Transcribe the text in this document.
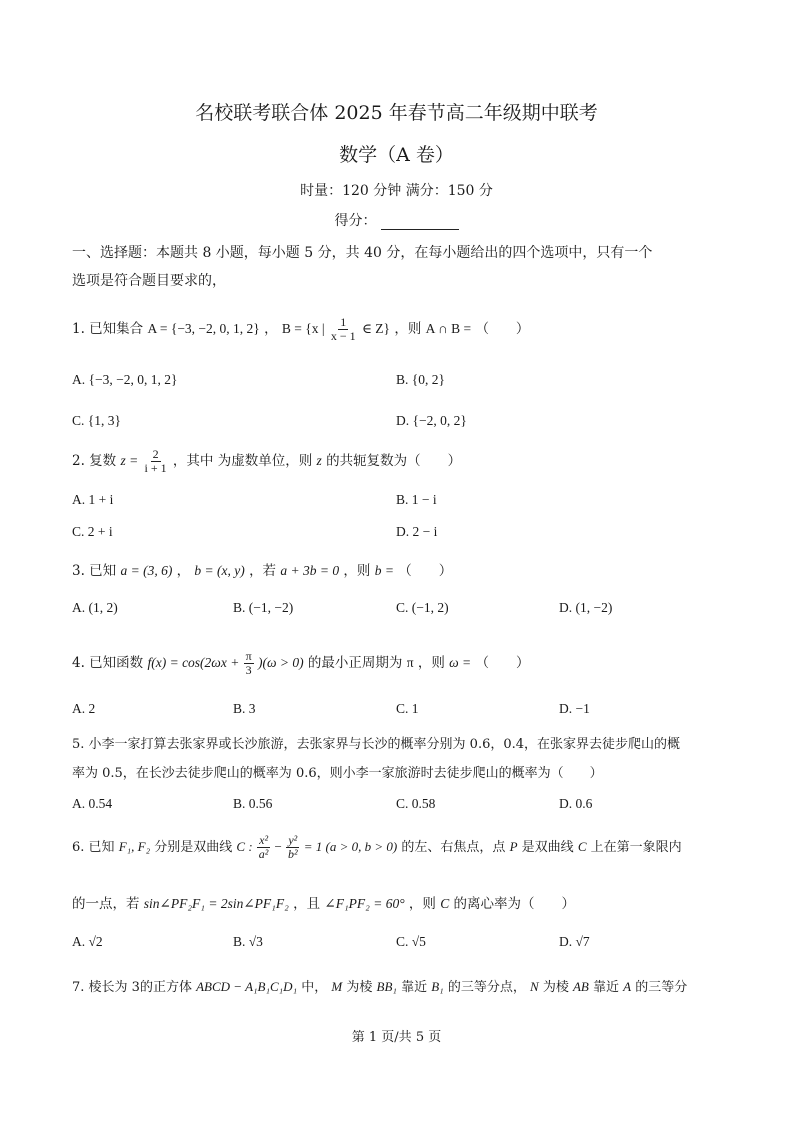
名校联考联合体 2025 年春节高二年级期中联考
数学（A 卷）
时量：120 分钟 满分：150 分
得分：
一、选择题：本题共 8 小题，每小题 5 分，共 40 分，在每小题给出的四个选项中，只有一个
选项是符合题目要求的，
1. 已知集合 A = {−3, −2, 0, 1, 2} ， B = {x | $\frac{1}{x - 1}$ ∈ Z} ，则 A ∩ B = （　　）
A. {−3, −2, 0, 1, 2}	B. {0, 2}
C. {1, 3}	D. {−2, 0, 2}
2. 复数 $z = \frac{2}{i + 1}$ ，其中 为虚数单位，则 z 的共轭复数为（　　）
A. 1 + i	B. 1 − i
C. 2 + i	D. 2 − i
3. 已知 a = (3, 6) ， b = (x, y) ，若 a + 3b = 0 ，则 b = （　　）
A. (1, 2)	B. (−1, −2)	C. (−1, 2)	D. (1, −2)
4. 已知函数 $f(x) = \cos(2\omega x + \frac{\pi}{3} )(\omega > 0)$ 的最小正周期为 π ，则 ω = （　　）
A. 2	B. 3	C. 1	D. −1
5. 小李一家打算去张家界或长沙旅游，去张家界与长沙的概率分别为 0.6，0.4，在张家界去徒步爬山的概
率为 0.5，在长沙去徒步爬山的概率为 0.6，则小李一家旅游时去徒步爬山的概率为（　　）
A. 0.54	B. 0.56	C. 0.58	D. 0.6
6. 已知 F₁, F₂ 分别是双曲线 C : $\frac{\text{x²}}{\text{a²}} - \frac{\text{y²}}{\text{b²}} = 1$ (a > 0, b > 0) 的左、右焦点，点 P 是双曲线 C 上在第一象限内
的一点，若 sin∠PF₂F₁ = 2sin∠PF₁F₂ ，且 ∠F₁PF₂ = 60° ，则 C 的离心率为（　　）
A. √2	B. √3	C. √5	D. √7
7. 棱长为 3的正方体 ABCD − A₁B₁C₁D₁ 中， M 为棱 BB₁ 靠近 B₁ 的三等分点， N 为棱 AB 靠近 A 的三等分
第 1 页/共 5 页
